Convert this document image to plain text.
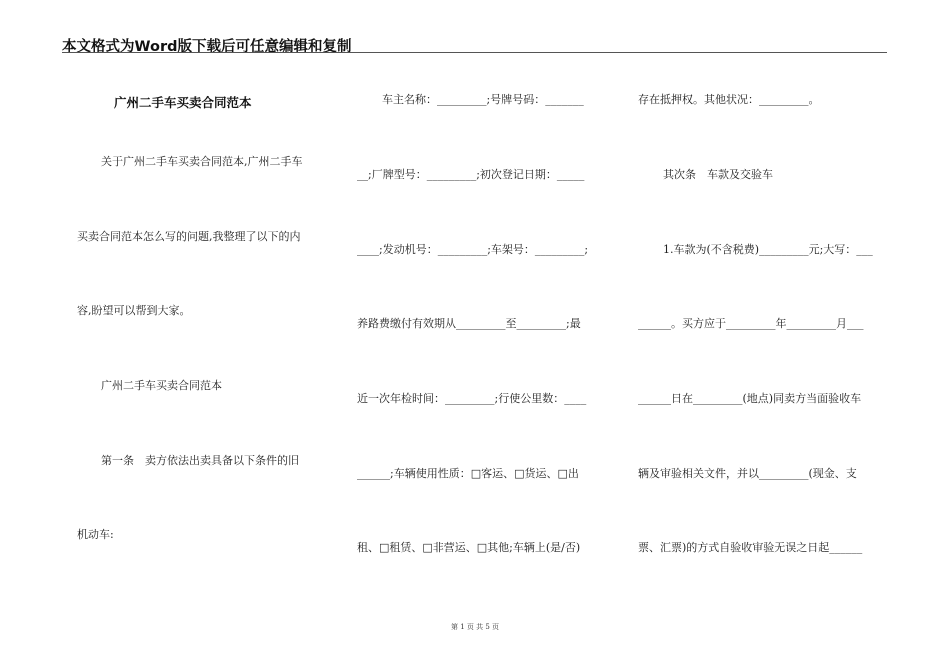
本文格式为Word版下载后可任意编辑和复制
广州二手车买卖合同范本
关于广州二手车买卖合同范本,广州二手车
买卖合同范本怎么写的问题,我整理了以下的内
容,盼望可以帮到大家。
广州二手车买卖合同范本
第一条　卖方依法出卖具备以下条件的旧
机动车:
车主名称：_________;号牌号码：_______
__;厂牌型号：_________;初次登记日期：_____
____;发动机号：_________;车架号：_________;
养路费缴付有效期从_________至_________;最
近一次年检时间：_________;行使公里数：____
______;车辆使用性质：□客运、□货运、□出
租、□租赁、□非营运、□其他;车辆上(是/否)
存在抵押权。其他状况：_________。
其次条　车款及交验车
1.车款为(不含税费)_________元;大写：___
______。买方应于_________年_________月___
______日在_________(地点)同卖方当面验收车
辆及审验相关文件，并以_________(现金、支
票、汇票)的方式自验收审验无误之日起______
第 1 页 共 5 页
